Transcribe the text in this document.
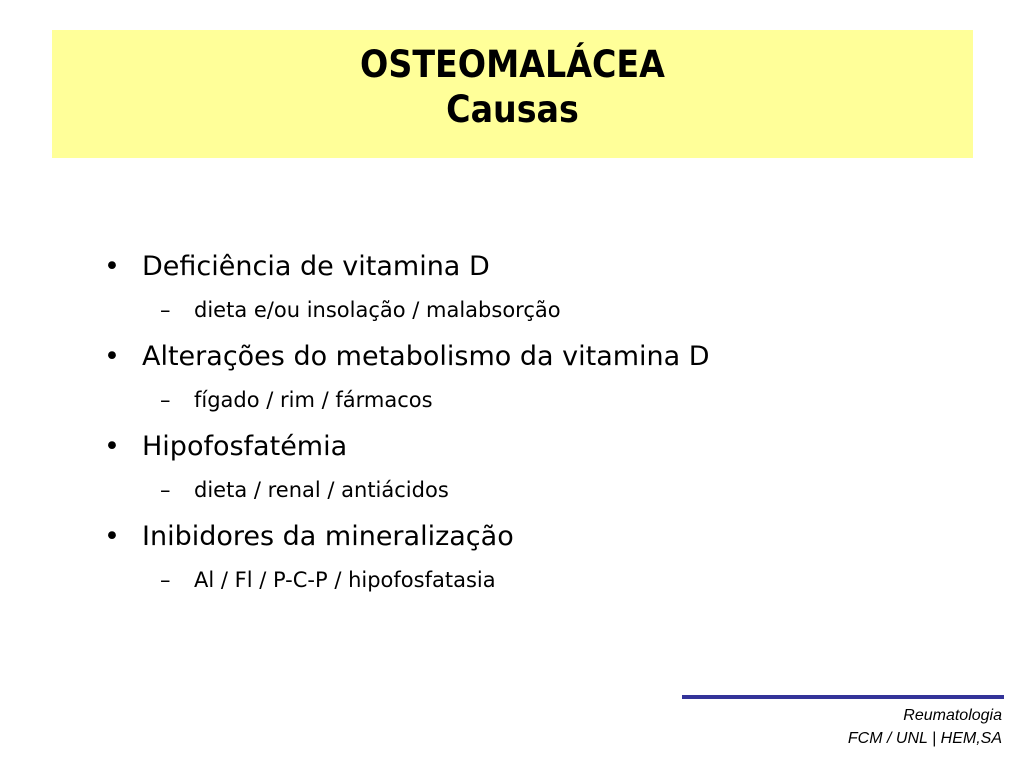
OSTEOMALÁCEA
Causas
• Deficiência de vitamina D
– dieta e/ou insolação / malabsorção
• Alterações do metabolismo da vitamina D
– fígado / rim / fármacos
• Hipofosfatémia
– dieta / renal / antiácidos
• Inibidores da mineralização
– Al / Fl / P-C-P / hipofosfatasia
Reumatologia
FCM / UNL | HEM,SA
